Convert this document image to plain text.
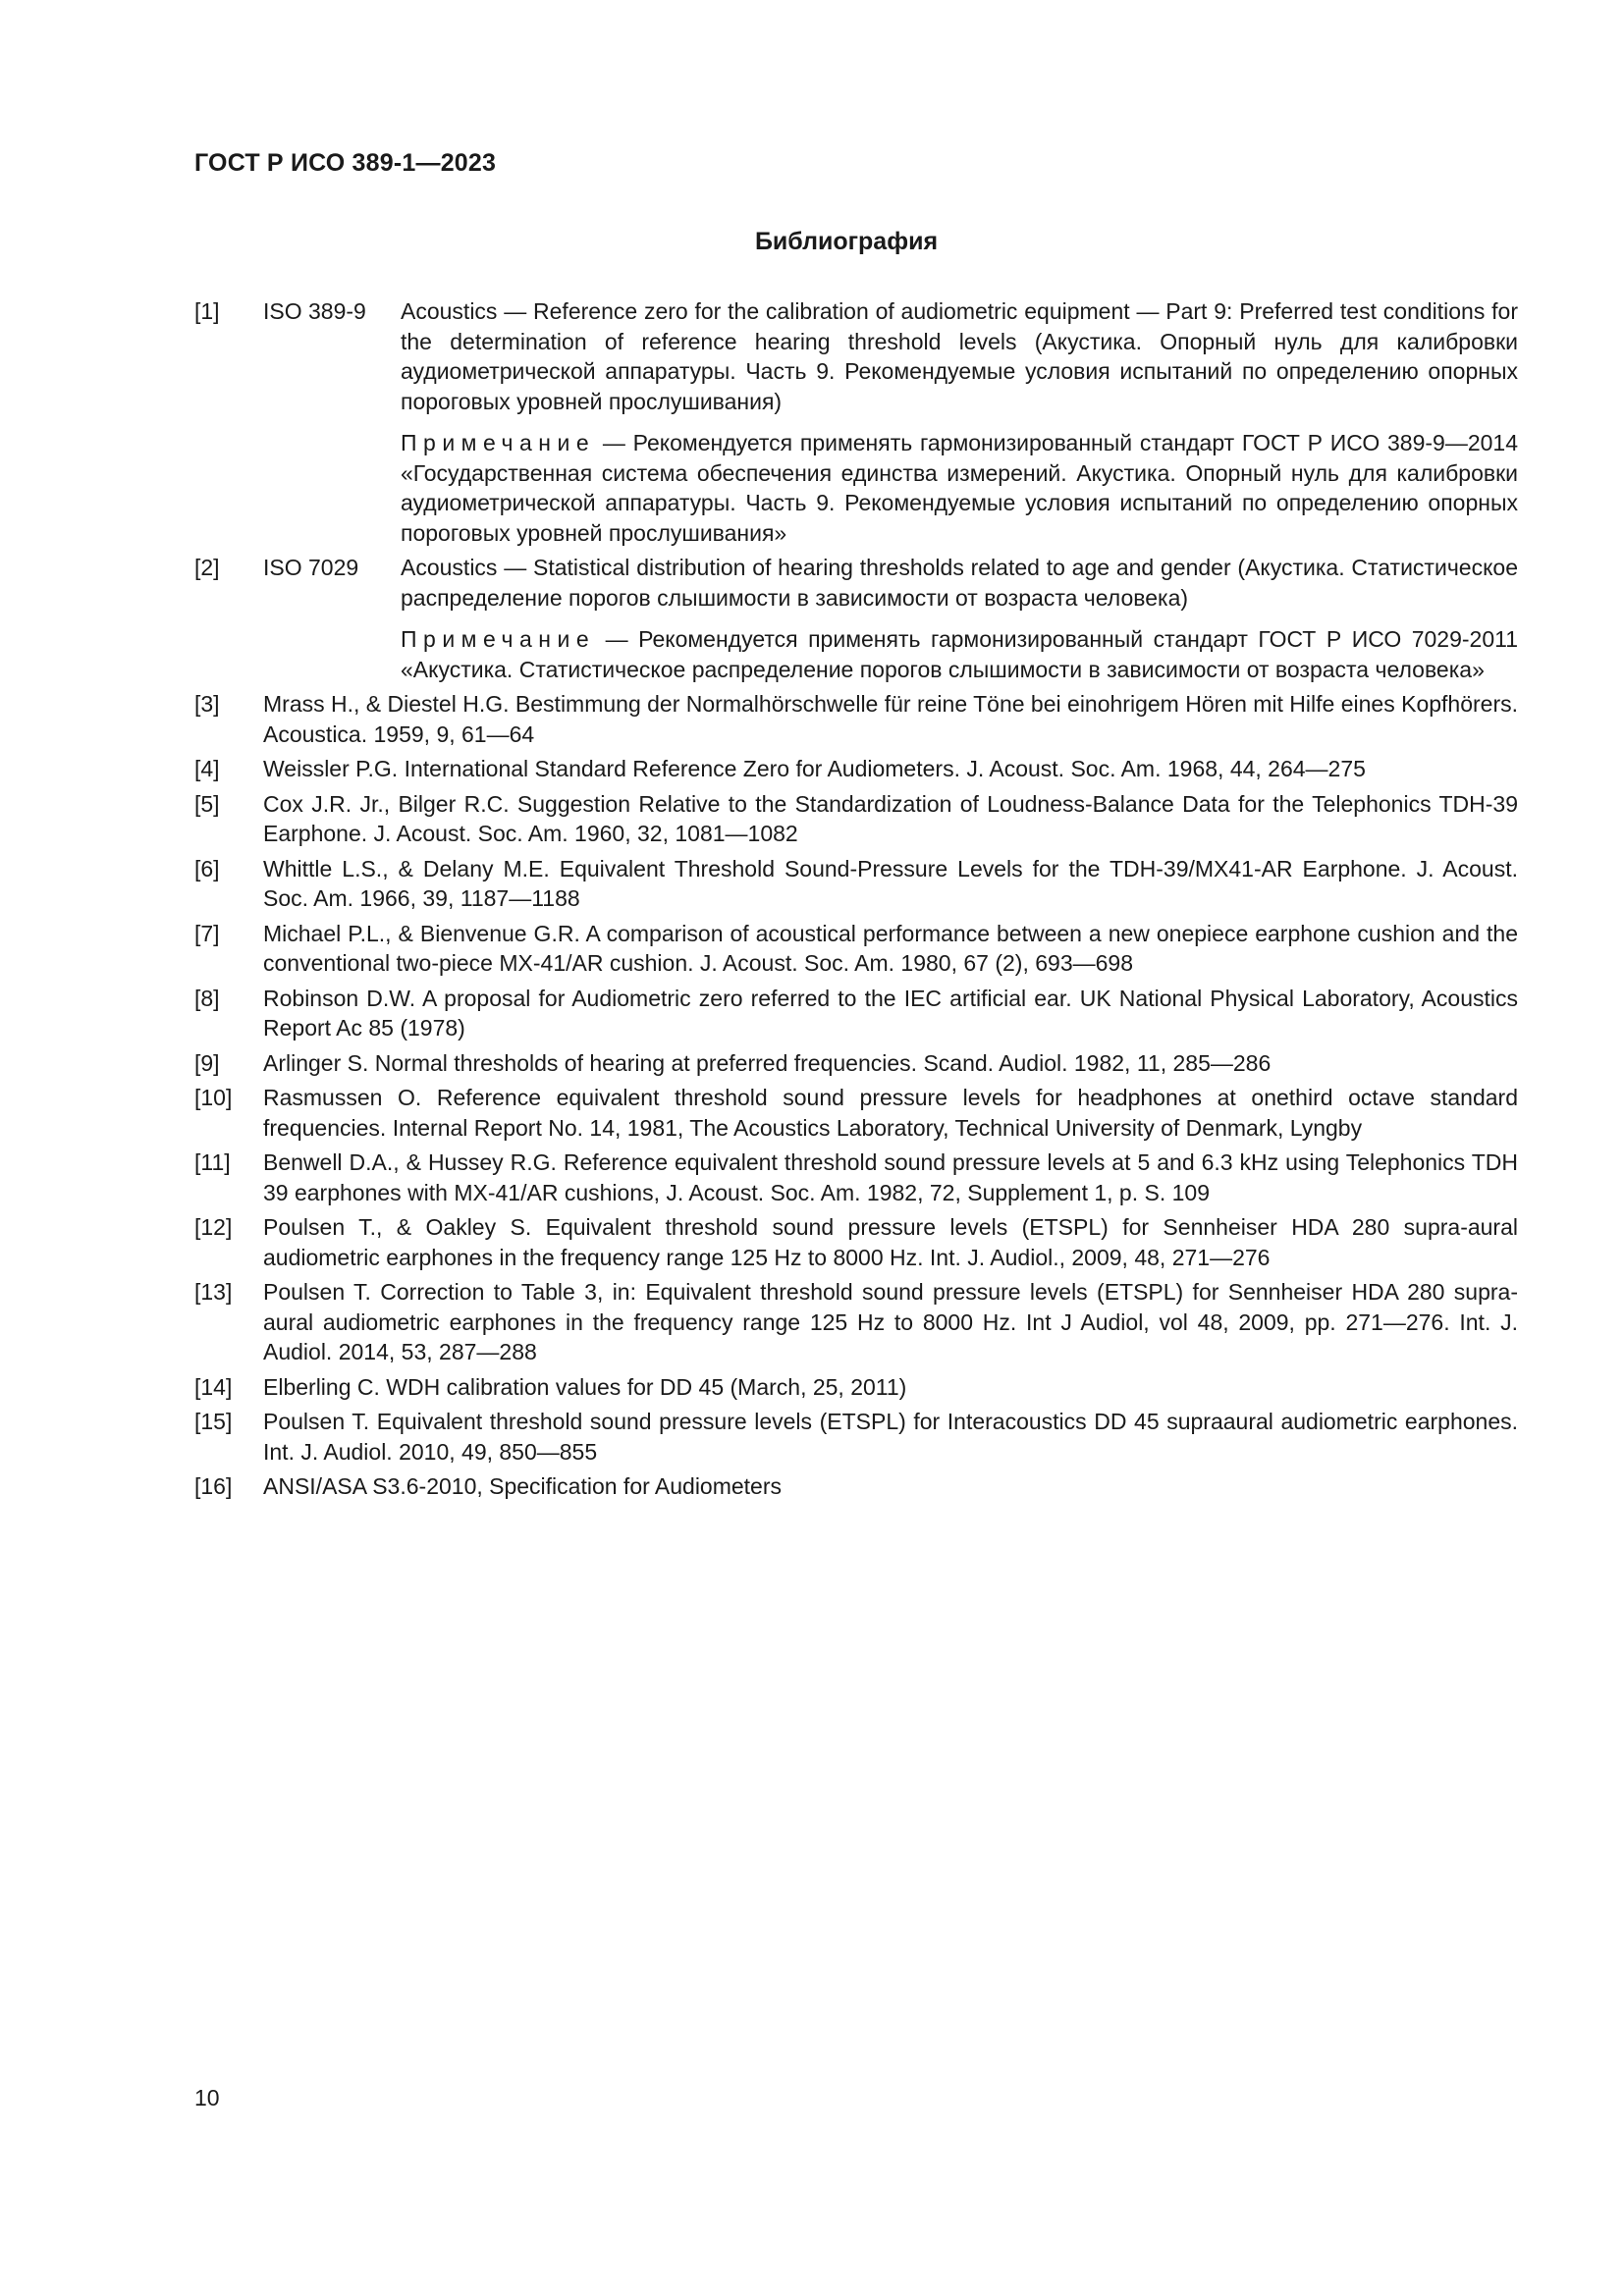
ГОСТ Р ИСО 389-1—2023
Библиография
[1]	ISO 389-9	Acoustics — Reference zero for the calibration of audiometric equipment — Part 9: Preferred test conditions for the determination of reference hearing threshold levels (Акустика. Опорный нуль для калибровки аудиометрической аппаратуры. Часть 9. Рекомендуемые условия испытаний по определению опорных пороговых уровней прослушивания)
Примечание — Рекомендуется применять гармонизированный стандарт ГОСТ Р ИСО 389-9—2014 «Государственная система обеспечения единства измерений. Акустика. Опорный нуль для калибровки аудиометрической аппаратуры. Часть 9. Рекомендуемые условия испытаний по определению опорных пороговых уровней прослушивания»
[2]	ISO 7029	Acoustics — Statistical distribution of hearing thresholds related to age and gender (Акустика. Статистическое распределение порогов слышимости в зависимости от возраста человека)
Примечание — Рекомендуется применять гармонизированный стандарт ГОСТ Р ИСО 7029-2011 «Акустика. Статистическое распределение порогов слышимости в зависимости от возраста человека»
[3]	Mrass H., & Diestel H.G. Bestimmung der Normalhörschwelle für reine Töne bei einohrigem Hören mit Hilfe eines Kopfhörers. Acoustica. 1959, 9, 61—64
[4]	Weissler P.G. International Standard Reference Zero for Audiometers. J. Acoust. Soc. Am. 1968, 44, 264—275
[5]	Cox J.R. Jr., Bilger R.C. Suggestion Relative to the Standardization of Loudness-Balance Data for the Telephonics TDH-39 Earphone. J. Acoust. Soc. Am. 1960, 32, 1081—1082
[6]	Whittle L.S., & Delany M.E. Equivalent Threshold Sound-Pressure Levels for the TDH-39/MX41-AR Earphone. J. Acoust. Soc. Am. 1966, 39, 1187—1188
[7]	Michael P.L., & Bienvenue G.R. A comparison of acoustical performance between a new onepiece earphone cushion and the conventional two-piece MX-41/AR cushion. J. Acoust. Soc. Am. 1980, 67 (2), 693—698
[8]	Robinson D.W. A proposal for Audiometric zero referred to the IEC artificial ear. UK National Physical Laboratory, Acoustics Report Ac 85 (1978)
[9]	Arlinger S. Normal thresholds of hearing at preferred frequencies. Scand. Audiol. 1982, 11, 285—286
[10]	Rasmussen O. Reference equivalent threshold sound pressure levels for headphones at onethird octave standard frequencies. Internal Report No. 14, 1981, The Acoustics Laboratory, Technical University of Denmark, Lyngby
[11]	Benwell D.A., & Hussey R.G. Reference equivalent threshold sound pressure levels at 5 and 6.3 kHz using Telephonics TDH 39 earphones with MX-41/AR cushions, J. Acoust. Soc. Am. 1982, 72, Supplement 1, p. S. 109
[12]	Poulsen T., & Oakley S. Equivalent threshold sound pressure levels (ETSPL) for Sennheiser HDA 280 supra-aural audiometric earphones in the frequency range 125 Hz to 8000 Hz. Int. J. Audiol., 2009, 48, 271—276
[13]	Poulsen T. Correction to Table 3, in: Equivalent threshold sound pressure levels (ETSPL) for Sennheiser HDA 280 supra-aural audiometric earphones in the frequency range 125 Hz to 8000 Hz. Int J Audiol, vol 48, 2009, pp. 271—276. Int. J. Audiol. 2014, 53, 287—288
[14]	Elberling C. WDH calibration values for DD 45 (March, 25, 2011)
[15]	Poulsen T. Equivalent threshold sound pressure levels (ETSPL) for Interacoustics DD 45 supraaural audiometric earphones. Int. J. Audiol. 2010, 49, 850—855
[16]	ANSI/ASA S3.6-2010, Specification for Audiometers
10
